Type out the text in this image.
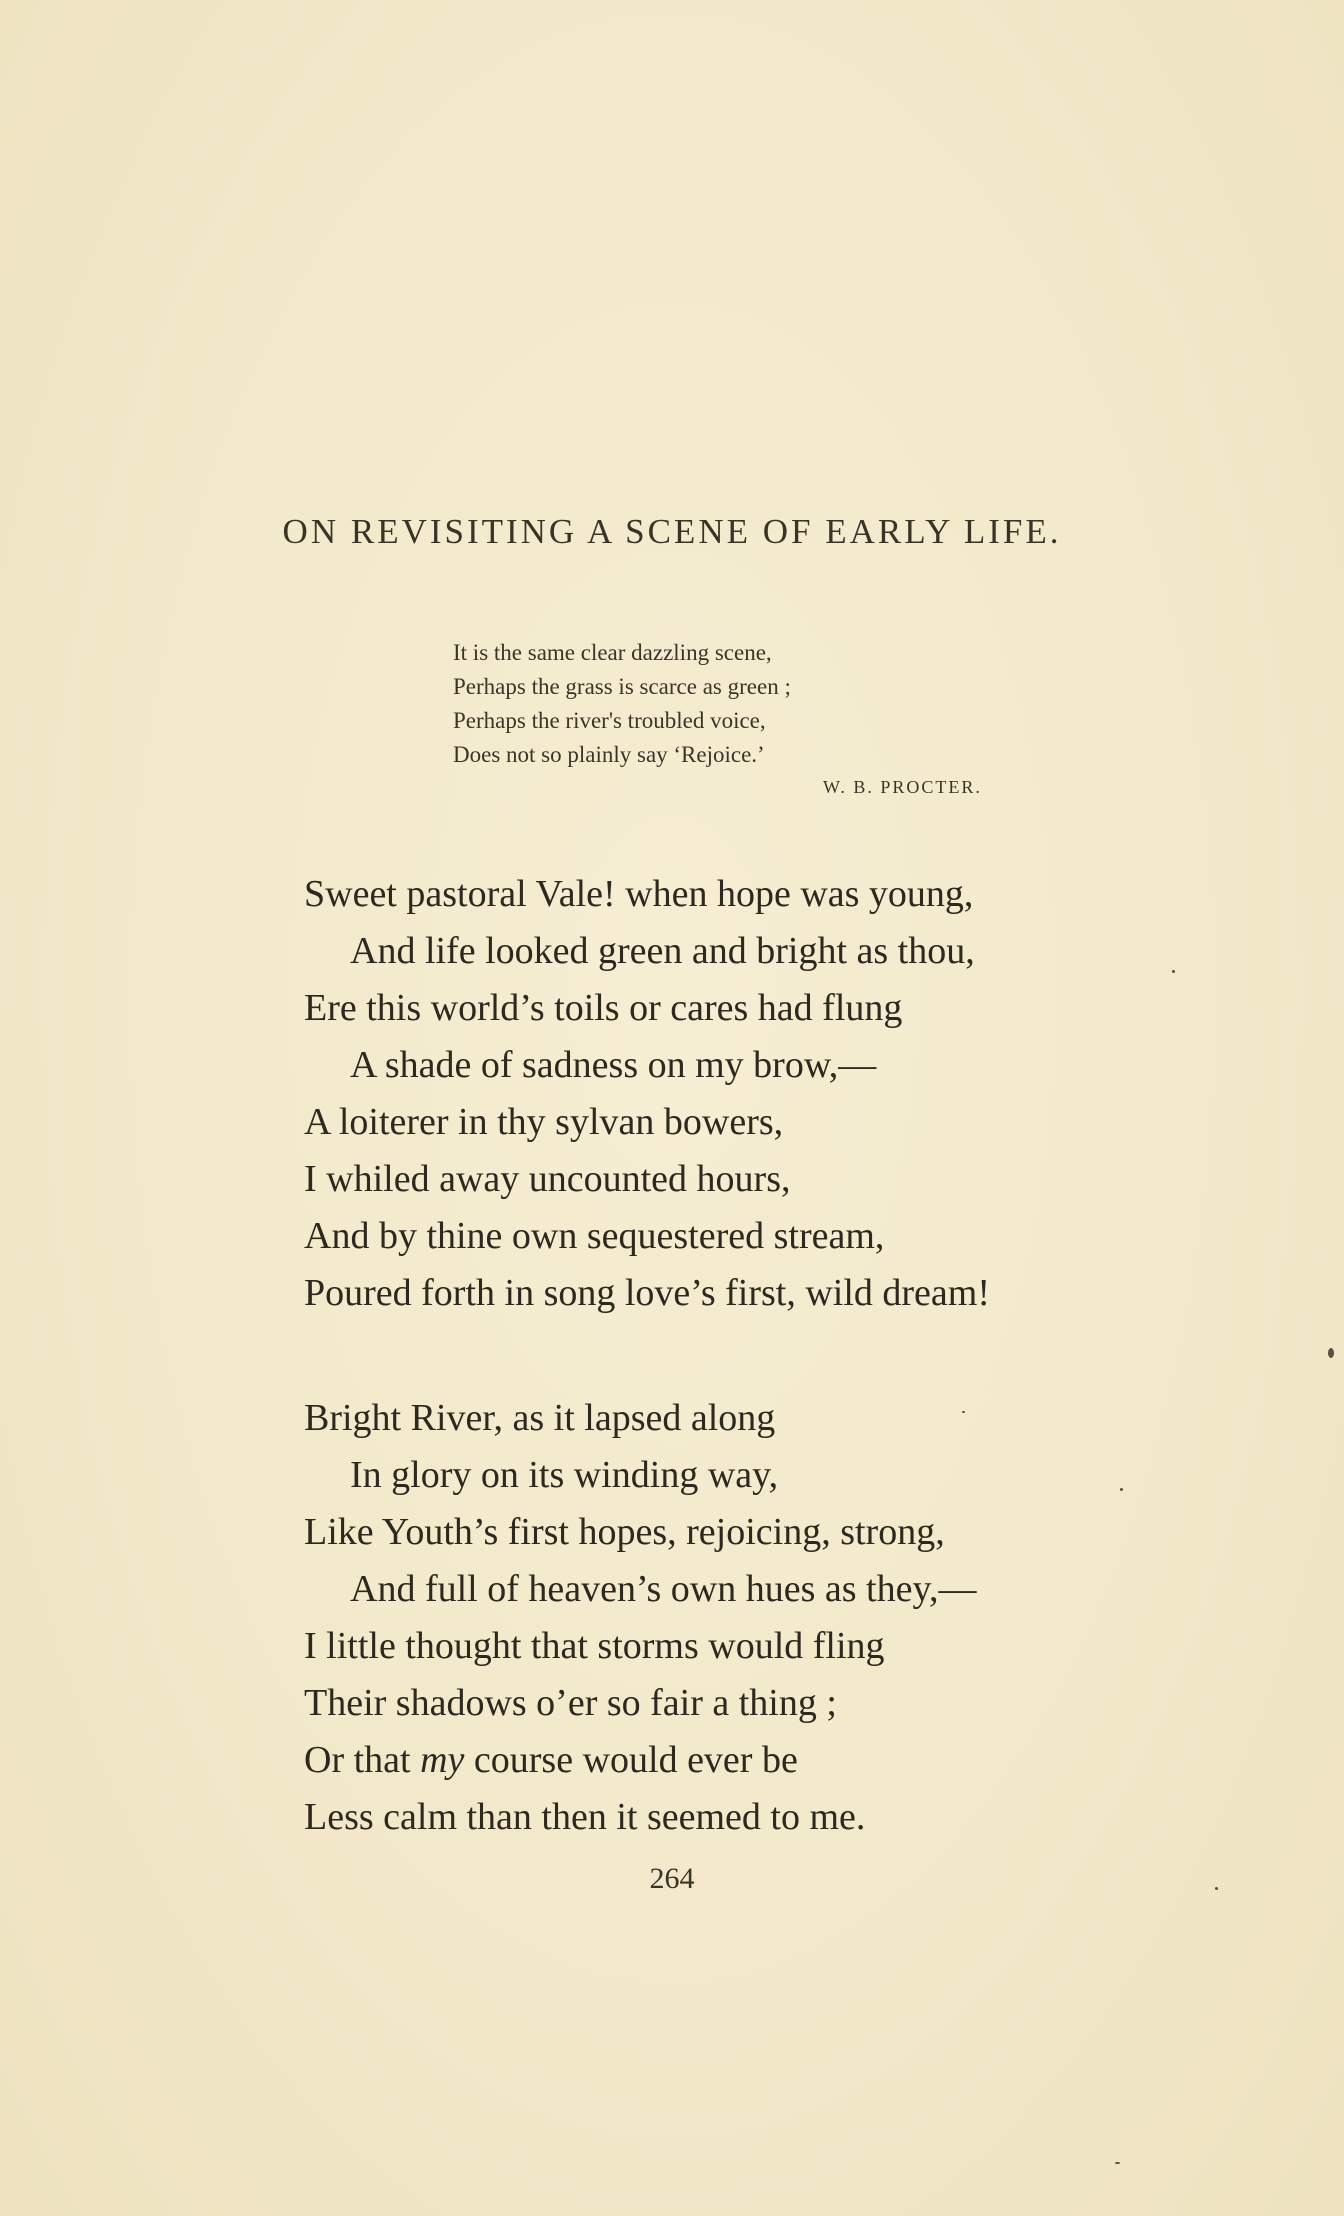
ON REVISITING A SCENE OF EARLY LIFE.
It is the same clear dazzling scene,
Perhaps the grass is scarce as green ;
Perhaps the river's troubled voice,
Does not so plainly say ‘Rejoice.’
W. B. PROCTER.
Sweet pastoral Vale! when hope was young,
And life looked green and bright as thou,
Ere this world’s toils or cares had flung
A shade of sadness on my brow,—
A loiterer in thy sylvan bowers,
I whiled away uncounted hours,
And by thine own sequestered stream,
Poured forth in song love’s first, wild dream!
Bright River, as it lapsed along
In glory on its winding way,
Like Youth’s first hopes, rejoicing, strong,
And full of heaven’s own hues as they,—
I little thought that storms would fling
Their shadows o’er so fair a thing ;
Or that my course would ever be
Less calm than then it seemed to me.
264
